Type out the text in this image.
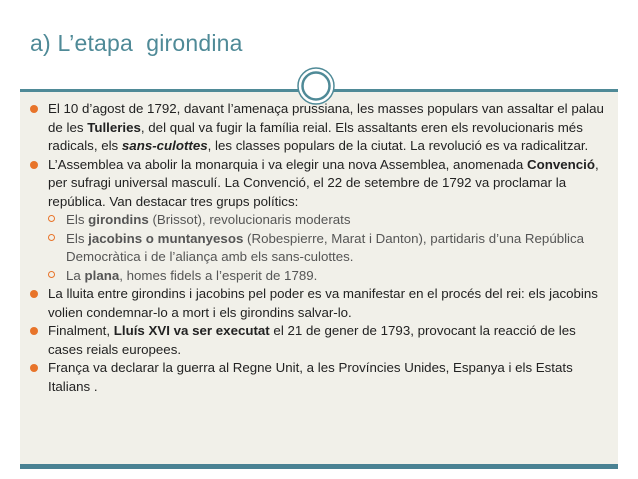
a) L’etapa  girondina
El 10 d’agost de 1792, davant l’amenaça prussiana, les masses populars van assaltar el palau de les Tulleries, del qual va fugir la família reial. Els assaltants eren els revolucionaris més radicals, els sans-culottes, les classes populars de la ciutat. La revolució es va radicalitzar.
L’Assemblea va abolir la monarquia i va elegir una nova Assemblea, anomenada Convenció, per sufragi universal masculí. La Convenció, el 22 de setembre de 1792 va proclamar la república. Van destacar tres grups polítics:
Els girondins (Brissot), revolucionaris moderats
Els jacobins o muntanyesos (Robespierre, Marat i Danton), partidaris d’una República Democràtica i de l’aliança amb els sans-culottes.
La plana, homes fidels a l’esperit de 1789.
La lluita entre girondins i jacobins pel poder es va manifestar en el procés del rei: els jacobins volien condemnar-lo a mort i els girondins salvar-lo.
Finalment, Lluís XVI va ser executat el 21 de gener de 1793, provocant la reacció de les cases reials europees.
França va declarar la guerra al Regne Unit, a les Províncies Unides, Espanya i els Estats Italians .
